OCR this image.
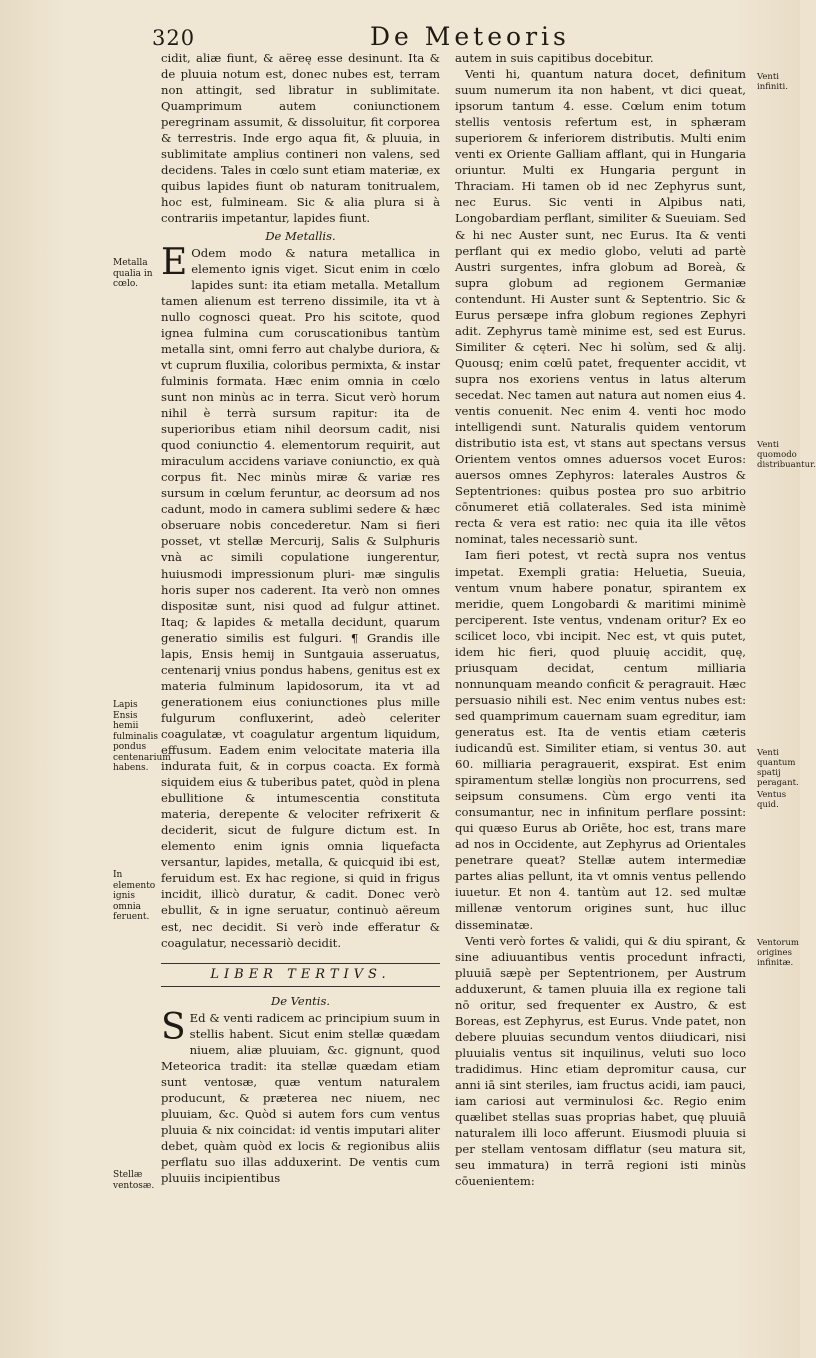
320	De Meteoris

cidit, aliæ fiunt, & aëreę esse desinunt. Ita & de pluuia notum est, donec nubes est, terram non attingit, sed libratur in sublimitate. Quamprimum autem coniunctionem peregrinam assumit, & dissoluitur, fit corporea & terrestris. Inde ergo aqua fit, & pluuia, in sublimitate amplius contineri non valens, sed decidens. Tales in cœlo sunt etiam materiæ, ex quibus lapides fiunt ob naturam tonitrualem, hoc est, fulmineam. Sic & alia plura si à contrariis impetantur, lapides fiunt.

De Metallis.

E Odem modo & natura metallica in elemento ignis viget. Sicut enim in cœlo lapides sunt: ita etiam metalla. Metallum tamen alienum est terreno dissimile, ita vt à nullo cognosci queat. Pro his scitote, quod ignea fulmina cum coruscationibus tantùm metalla sint, omni ferro aut chalybe duriora, & vt cuprum fluxilia, coloribus permixta, & instar fulminis formata. Hæc enim omnia in cœlo sunt non minùs ac in terra. Sicut verò horum nihil è terrà sursum rapitur: ita de superioribus etiam nihil deorsum cadit, nisi quod coniunctio 4. elementorum requirit, aut miraculum accidens variave coniunctio, ex quà corpus fit. Nec minùs miræ & variæ res sursum in cœlum feruntur, ac deorsum ad nos cadunt, modo in camera sublimi sedere & hæc obseruare nobis concederetur. Nam si fieri posset, vt stellæ Mercurij, Salis & Sulphuris vnà ac simili copulatione iungerentur, huiusmodi impressionum pluri- mæ singulis horis super nos caderent. Ita verò non omnes dispositæ sunt, nisi quod ad fulgur attinet. Itaq; & lapides & metalla decidunt, quarum generatio similis est fulguri. ¶ Grandis ille lapis, Ensis hemij in Suntgauia asseruatus, centenarij vnius pondus habens, genitus est ex materia fulminum lapidosorum, ita vt ad generationem eius coniunctiones plus mille fulgurum confluxerint, adeò celeriter coagulatæ, vt coagulatur argentum liquidum, effusum. Eadem enim velocitate materia illa indurata fuit, & in corpus coacta. Ex formà siquidem eius & tuberibus patet, quòd in plena ebullitione & intumescentia constituta materia, derepente & velociter refrixerit & deciderit, sicut de fulgure dictum est. In elemento enim ignis omnia liquefacta versantur, lapides, metalla, & quicquid ibi est, feruidum est. Ex hac regione, si quid in frigus incidit, illicò duratur, & cadit. Donec verò ebullit, & in igne seruatur, continuò aëreum est, nec decidit. Si verò inde efferatur & coagulatur, necessariò decidit.

LIBER TERTIVS.
De Ventis.

S Ed & venti radicem ac principium suum in stellis habent. Sicut enim stellæ quædam niuem, aliæ pluuiam, &c. gignunt, quod Meteorica tradit: ita stellæ quædam etiam sunt ventosæ, quæ ventum naturalem producunt, & præterea nec niuem, nec pluuiam, &c. Quòd si autem fors cum ventus pluuia & nix coincidat: id ventis imputari aliter debet, quàm quòd ex locis & regionibus aliis perflatu suo illas adduxerint. De ventis cum pluuiis incipientibus

autem in suis capitibus docebitur.

Venti hi, quantum natura docet, definitum suum numerum ita non habent, vt dici queat, ipsorum tantum 4. esse. Cœlum enim totum stellis ventosis refertum est, in sphæram superiorem & inferiorem distributis. Multi enim venti ex Oriente Galliam afflant, qui in Hungaria oriuntur. Multi ex Hungaria pergunt in Thraciam. Hi tamen ob id nec Zephyrus sunt, nec Eurus. Sic venti in Alpibus nati, Longobardiam perflant, similiter & Sueuiam. Sed & hi nec Auster sunt, nec Eurus. Ita & venti perflant qui ex medio globo, veluti ad partè Austri surgentes, infra globum ad Boreà, & supra globum ad regionem Germaniæ contendunt. Hi Auster sunt & Septentrio. Sic & Eurus persæpe infra globum regiones Zephyri adit. Zephyrus tamè minime est, sed est Eurus. Similiter & cęteri. Nec hi solùm, sed & alij. Quousq; enim cœlū patet, frequenter accidit, vt supra nos exoriens ventus in latus alterum secedat. Nec tamen aut natura aut nomen eius 4. ventis conuenit. Nec enim 4. venti hoc modo intelligendi sunt. Naturalis quidem ventorum distributio ista est, vt stans aut spectans versus Orientem ventos omnes aduersos vocet Euros: auersos omnes Zephyros: laterales Austros & Septentriones: quibus postea pro suo arbitrio cōnumeret etiā collaterales. Sed ista minimè recta & vera est ratio: nec quia ita ille vētos nominat, tales necessariò sunt.

Iam fieri potest, vt rectà supra nos ventus impetat. Exempli gratia: Heluetia, Sueuia, ventum vnum habere ponatur, spirantem ex meridie, quem Longobardi & maritimi minimè perciperent. Iste ventus, vndenam oritur? Ex eo scilicet loco, vbi incipit. Nec est, vt quis putet, idem hic fieri, quod pluuię accidit, quę, priusquam decidat, centum milliaria nonnunquam meando conficit & peragrauit. Hæc persuasio nihili est. Nec enim ventus nubes est: sed quamprimum cauernam suam egreditur, iam generatus est. Ita de ventis etiam cæteris iudicandū est. Similiter etiam, si ventus 30. aut 60. milliaria peragrauerit, exspirat. Est enim spiramentum stellæ longiùs non procurrens, sed seipsum consumens. Cùm ergo venti ita consumantur, nec in infinitum perflare possint: qui quæso Eurus ab Oriēte, hoc est, trans mare ad nos in Occidente, aut Zephyrus ad Orientales penetrare queat? Stellæ autem intermediæ partes alias pellunt, ita vt omnis ventus pellendo iuuetur. Et non 4. tantùm aut 12. sed multæ millenæ ventorum origines sunt, huc illuc disseminatæ.

Venti verò fortes & validi, qui & diu spirant, & sine adiuuantibus ventis procedunt infracti, pluuiā sæpè per Septentrionem, per Austrum adduxerunt, & tamen pluuia illa ex regione tali nō oritur, sed frequenter ex Austro, & est Boreas, est Zephyrus, est Eurus. Vnde patet, non debere pluuias secundum ventos diiudicari, nisi pluuialis ventus sit inquilinus, veluti suo loco tradidimus. Hinc etiam depromitur causa, cur anni iā sint steriles, iam fructus acidi, iam pauci, iam cariosi aut verminulosi &c. Regio enim quælibet stellas suas proprias habet, quę pluuiā naturalem illi loco afferunt. Eiusmodi pluuia si per stellam ventosam difflatur (seu matura sit, seu immatura) in terrā regioni isti minùs cōuenientem:

Metalla qualia in cœlo.
Lapis Ensis hemii fulminalis pondus centenarium habens.
In elemento ignis omnia feruent.
Stellæ ventosæ.
Venti infiniti.
Venti quomodo distribuantur.
Venti quantum spatij peragant.
Ventus quid.
Ventorum origines infinitæ.
